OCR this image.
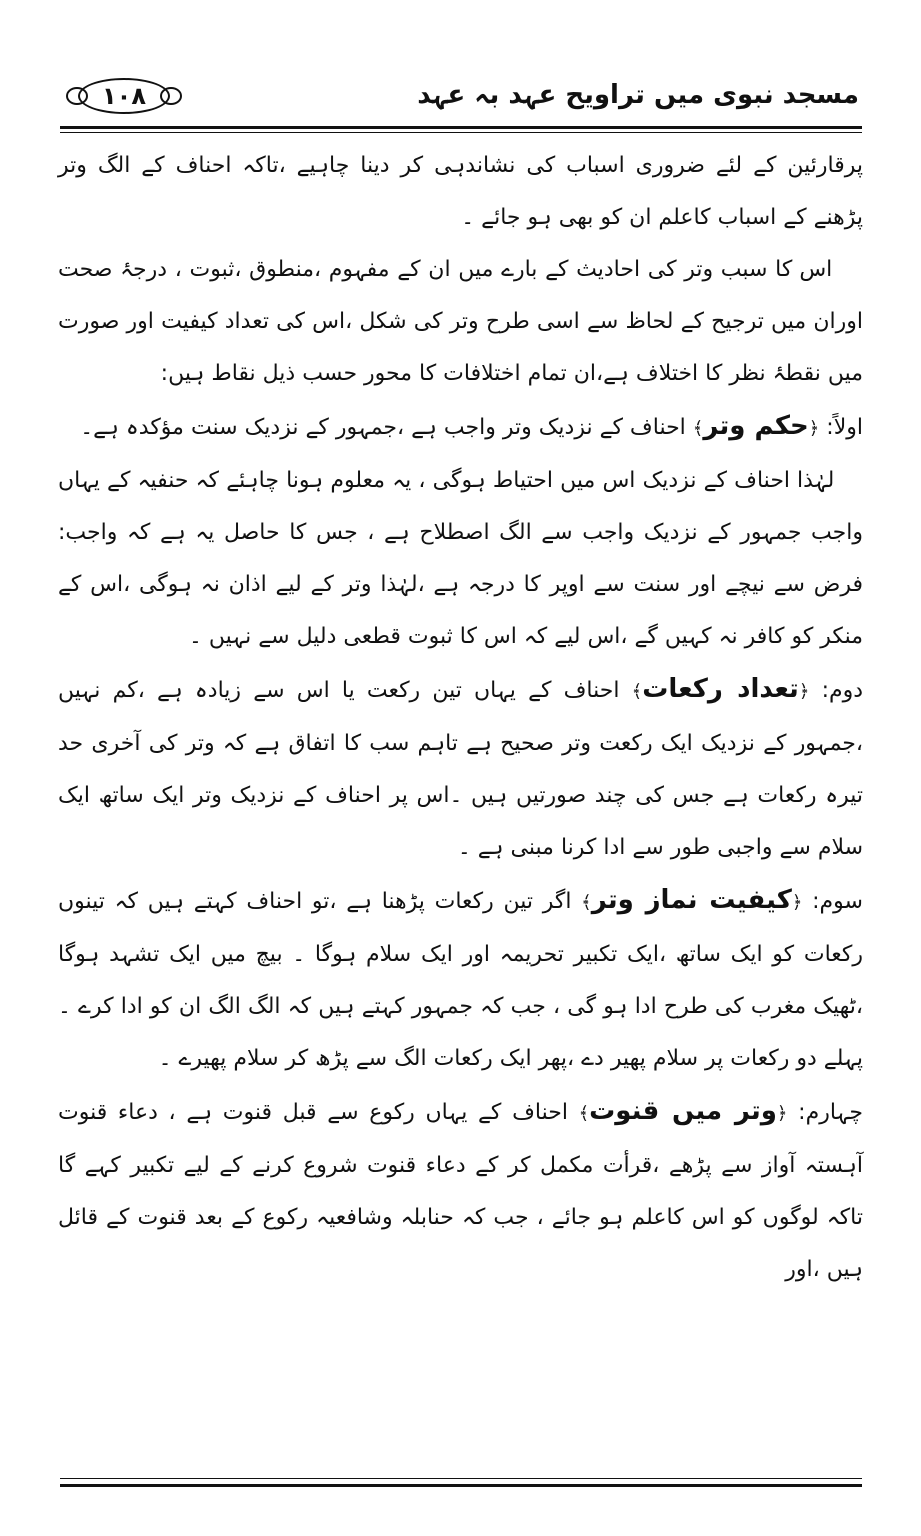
۱۰۸	مسجد نبوی میں تراویح عہد بہ عہد

پرقارئین کے لئے ضروری اسباب کی نشاندہی کر دینا چاہیے ،تاکہ احناف کے الگ وتر پڑھنے کے اسباب کاعلم ان کو بھی ہو جائے ۔

اس کا سبب وتر کی احادیث کے بارے میں ان کے مفہوم ،منطوق ،ثبوت ، درجۂ صحت اوران میں ترجیح کے لحاظ سے اسی طرح وتر کی شکل ،اس کی تعداد کیفیت اور صورت میں نقطۂ نظر کا اختلاف ہے،ان تمام اختلافات کا محور حسب ذیل نقاط ہیں:

اولاً: ﴿حکم وتر﴾ احناف کے نزدیک وتر واجب ہے ،جمہور کے نزدیک سنت مؤکدہ ہے۔

لہٰذا احناف کے نزدیک اس میں احتیاط ہوگی ، یہ معلوم ہونا چاہئے کہ حنفیہ کے یہاں واجب جمہور کے نزدیک واجب سے الگ اصطلاح ہے ، جس کا حاصل یہ ہے کہ واجب: فرض سے نیچے اور سنت سے اوپر کا درجہ ہے ،لہٰذا وتر کے لیے اذان نہ ہوگی ،اس کے منکر کو کافر نہ کہیں گے ،اس لیے کہ اس کا ثبوت قطعی دلیل سے نہیں ۔

دوم: ﴿تعداد رکعات﴾ احناف کے یہاں تین رکعت یا اس سے زیادہ ہے ،کم نہیں ،جمہور کے نزدیک ایک رکعت وتر صحیح ہے تاہم سب کا اتفاق ہے کہ وتر کی آخری حد تیرہ رکعات ہے جس کی چند صورتیں ہیں ۔اس پر احناف کے نزدیک وتر ایک ساتھ ایک سلام سے واجبی طور سے ادا کرنا مبنی ہے ۔

سوم: ﴿کیفیت نماز وتر﴾ اگر تین رکعات پڑھنا ہے ،تو احناف کہتے ہیں کہ تینوں رکعات کو ایک ساتھ ،ایک تکبیر تحریمہ اور ایک سلام ہوگا ۔ بیچ میں ایک تشہد ہوگا ،ٹھیک مغرب کی طرح ادا ہو گی ، جب کہ جمہور کہتے ہیں کہ الگ الگ ان کو ادا کرے ۔ پہلے دو رکعات پر سلام پھیر دے ،پھر ایک رکعات الگ سے پڑھ کر سلام پھیرے ۔

چہارم: ﴿وتر میں قنوت﴾ احناف کے یہاں رکوع سے قبل قنوت ہے ، دعاء قنوت آہستہ آواز سے پڑھے ،قرأت مکمل کر کے دعاء قنوت شروع کرنے کے لیے تکبیر کہے گا تاکہ لوگوں کو اس کاعلم ہو جائے ، جب کہ حنابلہ وشافعیہ رکوع کے بعد قنوت کے قائل ہیں ،اور
